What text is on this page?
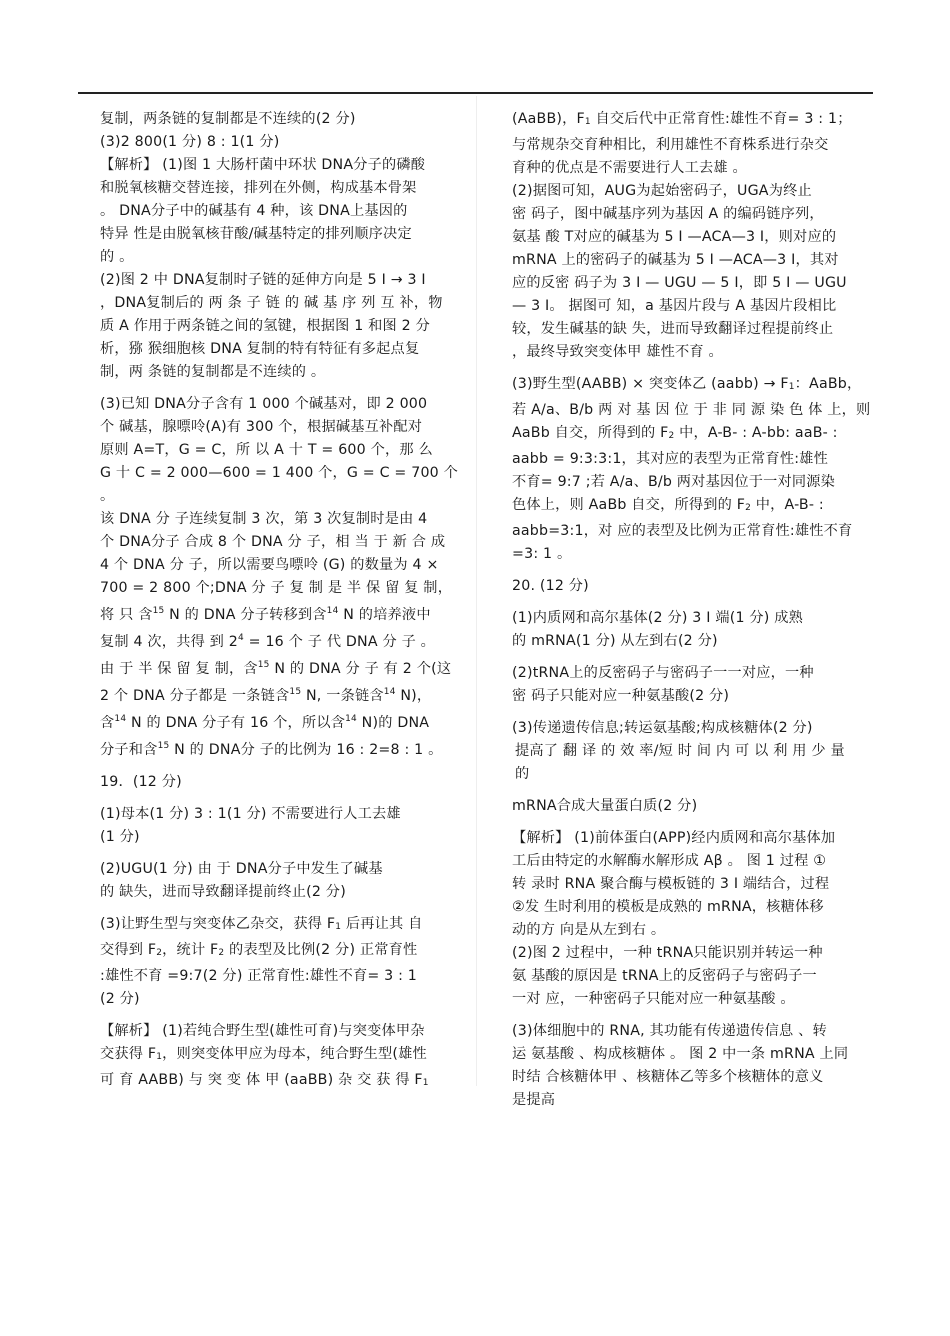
复制，两条链的复制都是不连续的(2 分)

(3)2 800(1 分) 8 : 1(1 分)

【解析】 (1)图 1 大肠杆菌中环状 DNA分子的磷酸

和脱氧核糖交替连接，排列在外侧，构成基本骨架

。 DNA分子中的碱基有 4 种，该 DNA上基因的

特异 性是由脱氧核苷酸/碱基特定的排列顺序决定

的 。

(2)图 2 中 DNA复制时子链的延伸方向是 5 I → 3 I

，DNA复制后的 两 条 子 链 的 碱 基 序 列 互 补，物

质 A 作用于两条链之间的氢键，根据图 1 和图 2 分

析，猕 猴细胞核 DNA 复制的特有特征有多起点复

制，两 条链的复制都是不连续的 。

(3)已知 DNA分子含有 1 000 个碱基对，即 2 000

个 碱基，腺嘌呤(A)有 300 个，根据碱基互补配对

原则 A=T，G = C，所 以 A 十 T = 600 个，那 么

G 十 C = 2 000—600 = 1 400 个，G = C = 700 个 。

该 DNA 分 子连续复制 3 次，第 3 次复制时是由 4

个 DNA分子 合成 8 个 DNA 分 子，相 当 于 新 合 成

4 个 DNA 分 子，所以需要鸟嘌呤 (G) 的数量为 4 ×

700 = 2 800 个;DNA 分 子 复 制 是 半 保 留 复 制，

将 只 含$^{15}$ N 的 DNA 分子转移到含$^{14}$ N 的培养液中

复制 4 次，共得 到 $2^4 = 16$ 个 子 代 DNA 分 子 。

由 于 半 保 留 复 制，含$^{15}$ N 的 DNA 分 子 有 2 个(这

2 个 DNA 分子都是 一条链含$^{15}$ N, 一条链含$^{14}$ N)，

含$^{14}$ N 的 DNA 分子有 16 个，所以含$^{14}$ N)的 DNA

分子和含$^{15}$ N 的 DNA分 子的比例为 16 : 2=8 : 1 。

19．(12 分)

(1)母本(1 分) 3 : 1(1 分) 不需要进行人工去雄

(1 分)

(2)UGU(1 分) 由 于 DNA分子中发生了碱基

的 缺失，进而导致翻译提前终止(2 分)

(3)让野生型与突变体乙杂交，获得 F1 后再让其 自

交得到 F2，统计 F2 的表型及比例(2 分) 正常育性

:雄性不育 =9:7(2 分) 正常育性:雄性不育= 3 : 1

(2 分)

【解析】 (1)若纯合野生型(雄性可育)与突变体甲杂

交获得 F1，则突变体甲应为母本，纯合野生型(雄性

可 育 AABB) 与 突 变 体 甲 (aaBB) 杂 交 获 得 F1

(AaBB)，F1 自交后代中正常育性:雄性不育= 3 : 1；

与常规杂交育种相比，利用雄性不育株系进行杂交

育种的优点是不需要进行人工去雄 。

(2)据图可知，AUG为起始密码子，UGA为终止

密 码子，图中碱基序列为基因 A 的编码链序列，

氨基 酸 T对应的碱基为 5 I —ACA—3 I，则对应的

mRNA 上的密码子的碱基为 5 I —ACA—3 I，其对

应的反密 码子为 3 I — UGU — 5 I，即 5 I — UGU

— 3 I。 据图可 知，a 基因片段与 A 基因片段相比

较，发生碱基的缺 失，进而导致翻译过程提前终止

，最终导致突变体甲 雄性不育 。

(3)野生型(AABB) × 突变体乙 (aabb) → F1：AaBb，

若 A/a、B/b 两 对 基 因 位 于 非 同 源 染 色 体 上，则

AaBb 自交，所得到的 F2 中，A-B- : A-bb: aaB- :

aabb = 9:3:3:1，其对应的表型为正常育性:雄性

不育= 9:7 ;若 A/a、B/b 两对基因位于一对同源染

色体上，则 AaBb 自交，所得到的 F2 中，A-B- :

aabb=3:1，对 应的表型及比例为正常育性:雄性不育

=3: 1 。

20. (12 分)

(1)内质网和高尔基体(2 分) 3 I 端(1 分) 成熟

的 mRNA(1 分) 从左到右(2 分)

(2)tRNA上的反密码子与密码子一一对应，一种

密 码子只能对应一种氨基酸(2 分)

(3)传递遗传信息;转运氨基酸;构成核糖体(2 分)

提高了 翻 译 的 效 率/短 时 间 内 可 以 利 用 少 量

的

mRNA合成大量蛋白质(2 分)

【解析】 (1)前体蛋白(APP)经内质网和高尔基体加

工后由特定的水解酶水解形成 Aβ 。 图 1 过程 ①

转 录时 RNA 聚合酶与模板链的 3 I 端结合，过程

②发 生时利用的模板是成熟的 mRNA，核糖体移

动的方 向是从左到右 。

(2)图 2 过程中，一种 tRNA只能识别并转运一种

氨 基酸的原因是 tRNA上的反密码子与密码子一

一对 应，一种密码子只能对应一种氨基酸 。

(3)体细胞中的 RNA, 其功能有传递遗传信息 、转

运 氨基酸 、构成核糖体 。 图 2 中一条 mRNA 上同

时结 合核糖体甲 、核糖体乙等多个核糖体的意义

是提高
